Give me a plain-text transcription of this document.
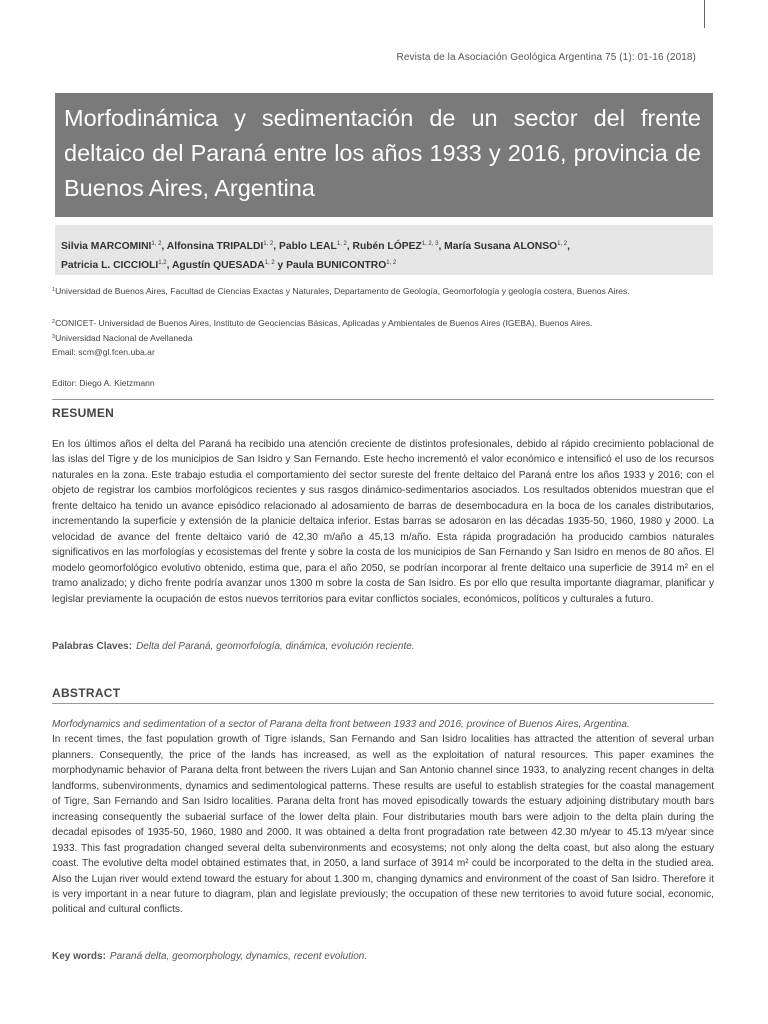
Revista de la Asociación Geológica Argentina 75 (1): 01-16 (2018)
Morfodinámica y sedimentación de un sector del frente deltaico del Paraná entre los años 1933 y 2016, provincia de Buenos Aires, Argentina
Silvia MARCOMINI$^{1, 2}$, Alfonsina TRIPALDI$^{1, 2}$, Pablo LEAL$^{1, 2}$, Rubén LÓPEZ$^{1, 2, 3}$, María Susana ALONSO$^{1, 2}$,
Patricia L. CICCIOLI$^{1,2}$, Agustín QUESADA$^{1, 2}$ y Paula BUNICONTRO$^{1, 2}$
$^1$Universidad de Buenos Aires, Facultad de Ciencias Exactas y Naturales, Departamento de Geología, Geomorfología y geología costera, Buenos Aires.
$^2$CONICET- Universidad de Buenos Aires, Instituto de Geociencias Básicas, Aplicadas y Ambientales de Buenos Aires (IGEBA), Buenos Aires.
$^3$Universidad Nacional de Avellaneda
Email: scm@gl.fcen.uba.ar
Editor: Diego A. Kietzmann
RESUMEN
En los últimos años el delta del Paraná ha recibido una atención creciente de distintos profesionales, debido al rápido crecimiento poblacional de las islas del Tigre y de los municipios de San Isidro y San Fernando. Este hecho incrementó el valor económico e intensificó el uso de los recursos naturales en la zona. Este trabajo estudia el comportamiento del sector sureste del frente deltaico del Paraná entre los años 1933 y 2016; con el objeto de registrar los cambios morfológicos recientes y sus rasgos dinámico-sedimentarios asociados. Los resultados obtenidos muestran que el frente deltaico ha tenido un avance episódico relacionado al adosamiento de barras de desembocadura en la boca de los canales distributarios, incrementando la superficie y extensión de la planicie deltaica inferior. Estas barras se adosaron en las décadas 1935-50, 1960, 1980 y 2000. La velocidad de avance del frente deltaico varió de 42,30 m/año a 45,13 m/año. Esta rápida progradación ha producido cambios naturales significativos en las morfologías y ecosistemas del frente y sobre la costa de los municipios de San Fernando y San Isidro en menos de 80 años. El modelo geomorfológico evolutivo obtenido, estima que, para el año 2050, se podrían incorporar al frente deltaico una superficie de 3914 m² en el tramo analizado; y dicho frente podría avanzar unos 1300 m sobre la costa de San Isidro. Es por ello que resulta importante diagramar, planificar y legislar previamente la ocupación de estos nuevos territorios para evitar conflictos sociales, económicos, políticos y culturales a futuro.
Palabras Claves: Delta del Paraná, geomorfología, dinámica, evolución reciente.
ABSTRACT
Morfodynamics and sedimentation of a sector of Parana delta front between 1933 and 2016, province of Buenos Aires, Argentina.
In recent times, the fast population growth of Tigre islands, San Fernando and San Isidro localities has attracted the attention of several urban planners. Consequently, the price of the lands has increased, as well as the exploitation of natural resources. This paper examines the morphodynamic behavior of Parana delta front between the rivers Lujan and San Antonio channel since 1933, to analyzing recent changes in delta landforms, subenvironments, dynamics and sedimentological patterns. These results are useful to establish strategies for the coastal management of Tigre, San Fernando and San Isidro localities. Parana delta front has moved episodically towards the estuary adjoining distributary mouth bars increasing consequently the subaerial surface of the lower delta plain. Four distributaries mouth bars were adjoin to the delta plain during the decadal episodes of 1935-50, 1960, 1980 and 2000. It was obtained a delta front progradation rate between 42.30 m/year to 45.13 m/year since 1933. This fast progradation changed several delta subenvironments and ecosystems; not only along the delta coast, but also along the estuary coast. The evolutive delta model obtained estimates that, in 2050, a land surface of 3914 m² could be incorporated to the delta in the studied area. Also the Lujan river would extend toward the estuary for about 1.300 m, changing dynamics and environment of the coast of San Isidro. Therefore it is very important in a near future to diagram, plan and legislate previously; the occupation of these new territories to avoid future social, economic, political and cultural conflicts.
Key words: Paraná delta, geomorphology, dynamics, recent evolution.
